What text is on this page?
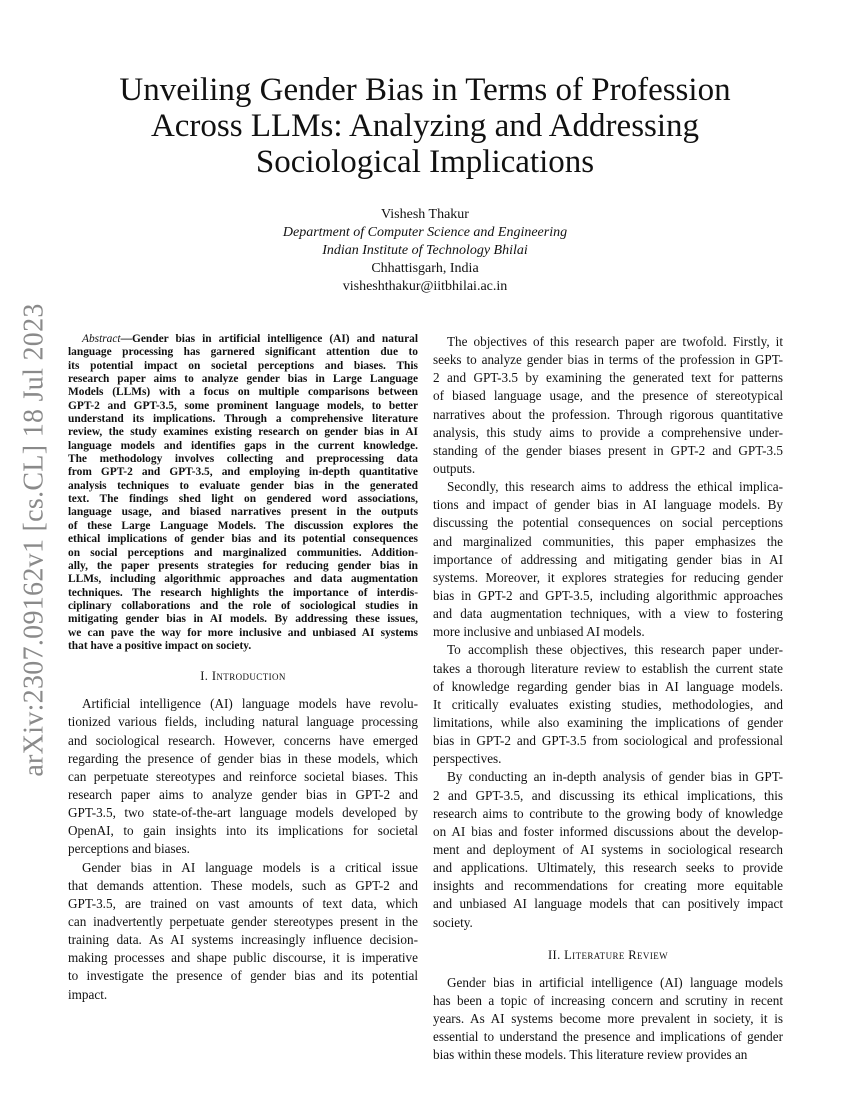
arXiv:2307.09162v1 [cs.CL] 18 Jul 2023
Unveiling Gender Bias in Terms of Profession
Across LLMs: Analyzing and Addressing
Sociological Implications
Vishesh Thakur
Department of Computer Science and Engineering
Indian Institute of Technology Bhilai
Chhattisgarh, India
visheshthakur@iitbhilai.ac.in
Abstract—Gender bias in artificial intelligence (AI) and natural
language processing has garnered significant attention due to
its potential impact on societal perceptions and biases. This
research paper aims to analyze gender bias in Large Language
Models (LLMs) with a focus on multiple comparisons between
GPT-2 and GPT-3.5, some prominent language models, to better
understand its implications. Through a comprehensive literature
review, the study examines existing research on gender bias in AI
language models and identifies gaps in the current knowledge.
The methodology involves collecting and preprocessing data
from GPT-2 and GPT-3.5, and employing in-depth quantitative
analysis techniques to evaluate gender bias in the generated
text. The findings shed light on gendered word associations,
language usage, and biased narratives present in the outputs
of these Large Language Models. The discussion explores the
ethical implications of gender bias and its potential consequences
on social perceptions and marginalized communities. Addition-
ally, the paper presents strategies for reducing gender bias in
LLMs, including algorithmic approaches and data augmentation
techniques. The research highlights the importance of interdis-
ciplinary collaborations and the role of sociological studies in
mitigating gender bias in AI models. By addressing these issues,
we can pave the way for more inclusive and unbiased AI systems
that have a positive impact on society.
I. Introduction
Artificial intelligence (AI) language models have revolu-
tionized various fields, including natural language processing
and sociological research. However, concerns have emerged
regarding the presence of gender bias in these models, which
can perpetuate stereotypes and reinforce societal biases. This
research paper aims to analyze gender bias in GPT-2 and
GPT-3.5, two state-of-the-art language models developed by
OpenAI, to gain insights into its implications for societal
perceptions and biases.
Gender bias in AI language models is a critical issue
that demands attention. These models, such as GPT-2 and
GPT-3.5, are trained on vast amounts of text data, which
can inadvertently perpetuate gender stereotypes present in the
training data. As AI systems increasingly influence decision-
making processes and shape public discourse, it is imperative
to investigate the presence of gender bias and its potential
impact.
The objectives of this research paper are twofold. Firstly, it
seeks to analyze gender bias in terms of the profession in GPT-
2 and GPT-3.5 by examining the generated text for patterns
of biased language usage, and the presence of stereotypical
narratives about the profession. Through rigorous quantitative
analysis, this study aims to provide a comprehensive under-
standing of the gender biases present in GPT-2 and GPT-3.5
outputs.
Secondly, this research aims to address the ethical implica-
tions and impact of gender bias in AI language models. By
discussing the potential consequences on social perceptions
and marginalized communities, this paper emphasizes the
importance of addressing and mitigating gender bias in AI
systems. Moreover, it explores strategies for reducing gender
bias in GPT-2 and GPT-3.5, including algorithmic approaches
and data augmentation techniques, with a view to fostering
more inclusive and unbiased AI models.
To accomplish these objectives, this research paper under-
takes a thorough literature review to establish the current state
of knowledge regarding gender bias in AI language models.
It critically evaluates existing studies, methodologies, and
limitations, while also examining the implications of gender
bias in GPT-2 and GPT-3.5 from sociological and professional
perspectives.
By conducting an in-depth analysis of gender bias in GPT-
2 and GPT-3.5, and discussing its ethical implications, this
research aims to contribute to the growing body of knowledge
on AI bias and foster informed discussions about the develop-
ment and deployment of AI systems in sociological research
and applications. Ultimately, this research seeks to provide
insights and recommendations for creating more equitable
and unbiased AI language models that can positively impact
society.
II. Literature Review
Gender bias in artificial intelligence (AI) language models
has been a topic of increasing concern and scrutiny in recent
years. As AI systems become more prevalent in society, it is
essential to understand the presence and implications of gender
bias within these models. This literature review provides an
